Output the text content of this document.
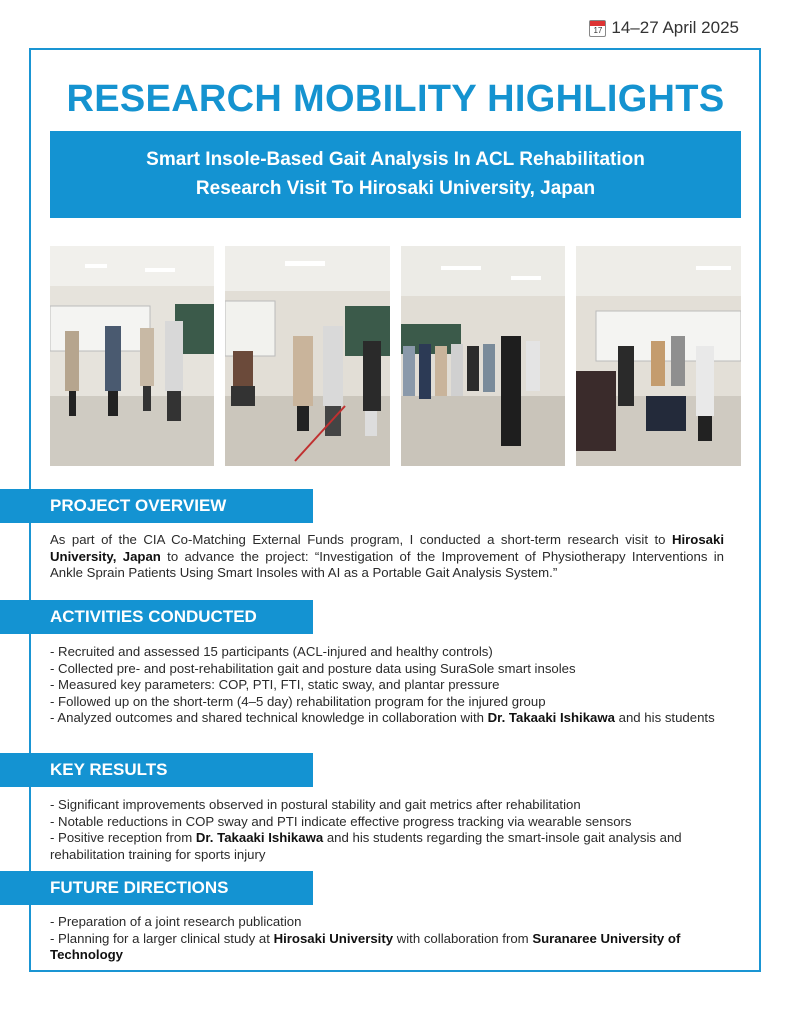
17 14–27 April 2025
RESEARCH MOBILITY HIGHLIGHTS
Smart Insole-Based Gait Analysis In ACL Rehabilitation
Research Visit To Hirosaki University, Japan
PROJECT OVERVIEW
As part of the CIA Co-Matching External Funds program, I conducted a short-term research visit to Hirosaki University, Japan to advance the project: “Investigation of the Improvement of Physiotherapy Interventions in Ankle Sprain Patients Using Smart Insoles with AI as a Portable Gait Analysis System.”
ACTIVITIES CONDUCTED
- Recruited and assessed 15 participants (ACL-injured and healthy controls)
- Collected pre- and post-rehabilitation gait and posture data using SuraSole smart insoles
- Measured key parameters: COP, PTI, FTI, static sway, and plantar pressure
- Followed up on the short-term (4–5 day) rehabilitation program for the injured group
- Analyzed outcomes and shared technical knowledge in collaboration with Dr. Takaaki Ishikawa and his students
KEY RESULTS
- Significant improvements observed in postural stability and gait metrics after rehabilitation
- Notable reductions in COP sway and PTI indicate effective progress tracking via wearable sensors
- Positive reception from Dr. Takaaki Ishikawa and his students regarding the smart-insole gait analysis and rehabilitation training for sports injury
FUTURE DIRECTIONS
- Preparation of a joint research publication
- Planning for a larger clinical study at Hirosaki University with collaboration from Suranaree University of Technology
